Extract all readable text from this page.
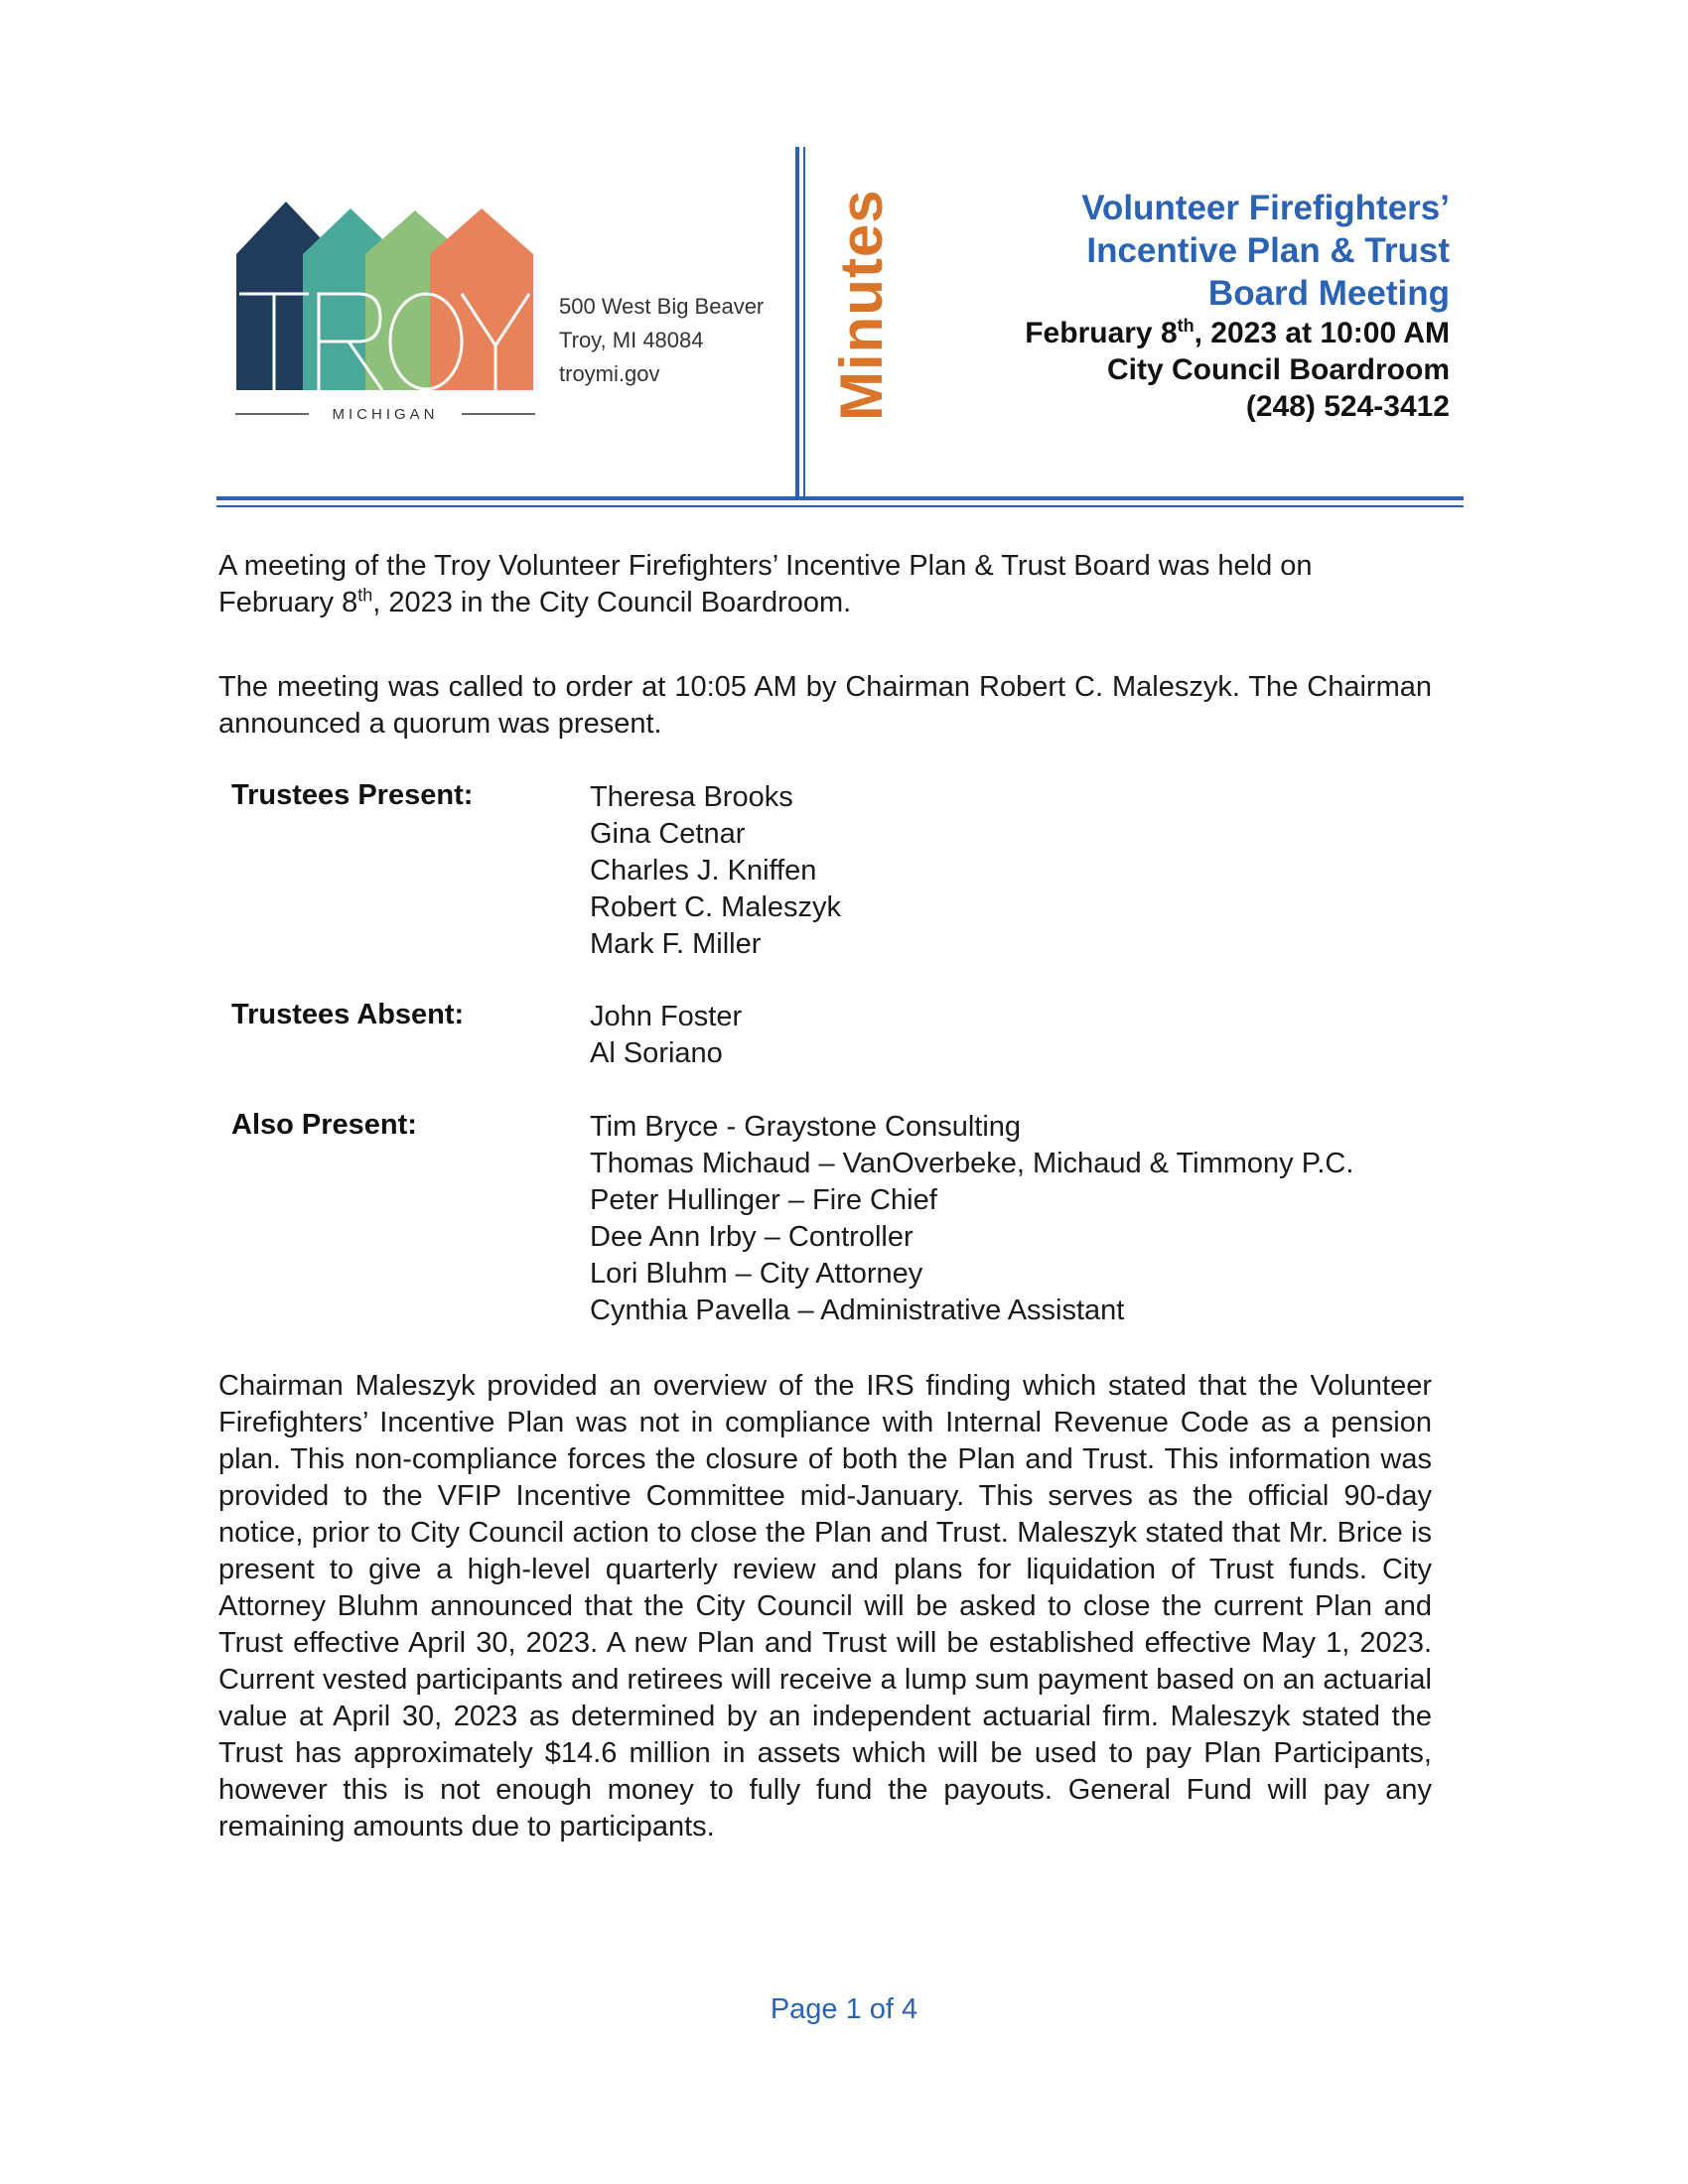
MICHIGAN
500 West Big Beaver
Troy, MI 48084
troymi.gov	Minutes	Volunteer Firefighters’
Incentive Plan & Trust
Board Meeting
February 8th, 2023 at 10:00 AM
City Council Boardroom
(248) 524-3412

A meeting of the Troy Volunteer Firefighters’ Incentive Plan & Trust Board was held on

February 8th, 2023 in the City Council Boardroom.

The meeting was called to order at 10:05 AM by Chairman Robert C. Maleszyk. The Chairman announced a quorum was present.

Trustees Present:	Theresa Brooks
Gina Cetnar
Charles J. Kniffen
Robert C. Maleszyk
Mark F. Miller
Trustees Absent:	John Foster
Al Soriano
Also Present:	Tim Bryce - Graystone Consulting
Thomas Michaud – VanOverbeke, Michaud & Timmony P.C.
Peter Hullinger – Fire Chief
Dee Ann Irby – Controller
Lori Bluhm – City Attorney
Cynthia Pavella – Administrative Assistant

Chairman Maleszyk provided an overview of the IRS finding which stated that the Volunteer Firefighters’ Incentive Plan was not in compliance with Internal Revenue Code as a pension plan. This non-compliance forces the closure of both the Plan and Trust. This information was provided to the VFIP Incentive Committee mid-January. This serves as the official 90-day notice, prior to City Council action to close the Plan and Trust. Maleszyk stated that Mr. Brice is present to give a high-level quarterly review and plans for liquidation of Trust funds. City Attorney Bluhm announced that the City Council will be asked to close the current Plan and Trust effective April 30, 2023. A new Plan and Trust will be established effective May 1, 2023. Current vested participants and retirees will receive a lump sum payment based on an actuarial value at April 30, 2023 as determined by an independent actuarial firm. Maleszyk stated the Trust has approximately $14.6 million in assets which will be used to pay Plan Participants, however this is not enough money to fully fund the payouts. General Fund will pay any remaining amounts due to participants.

Page 1 of 4
